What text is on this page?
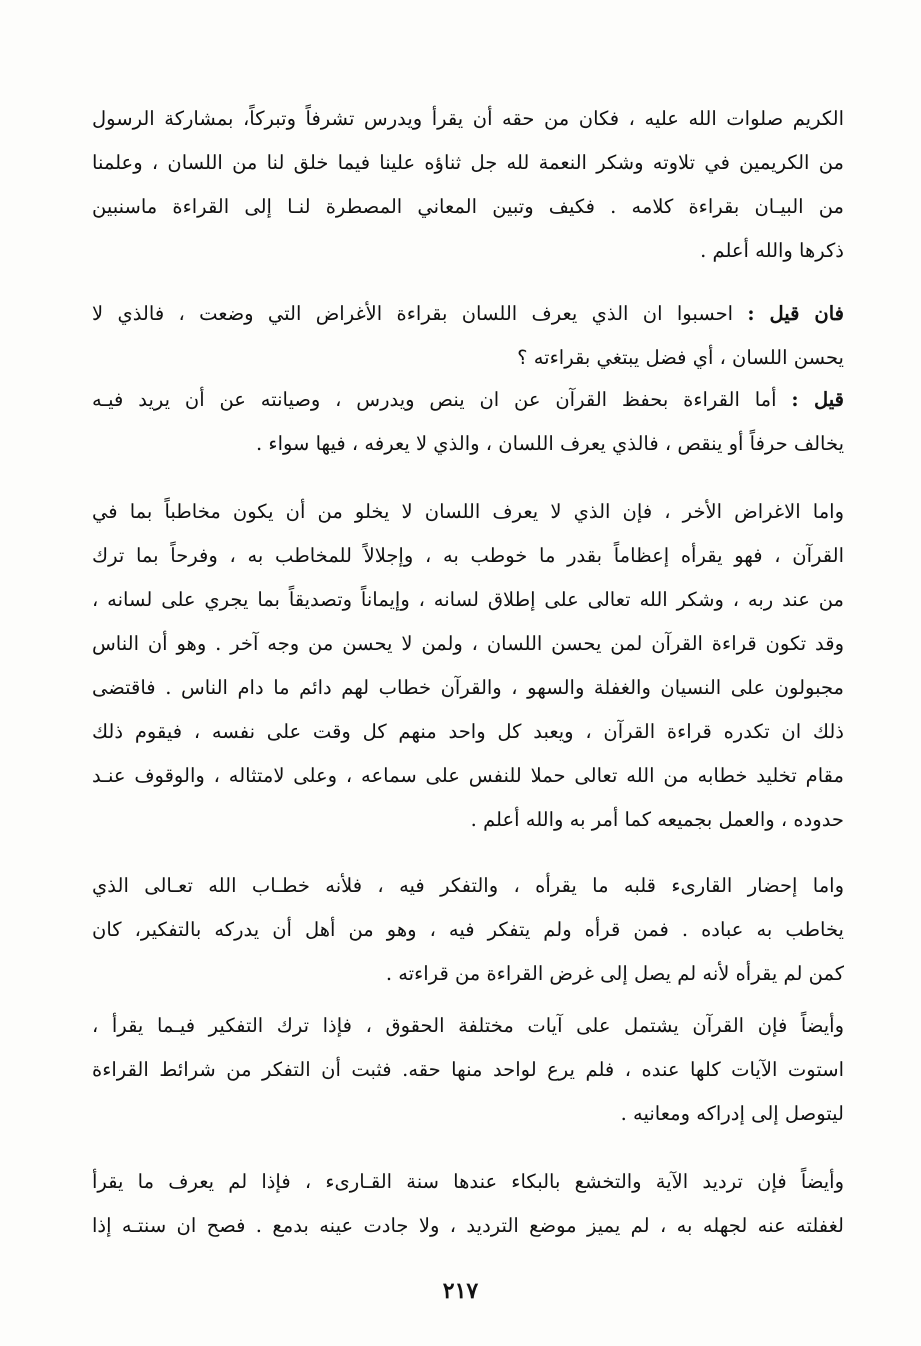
الكريم صلوات الله عليه ، فكان من حقه أن يقرأ ويدرس تشرفاً وتبركاً، بمشاركة الرسول
من الكريمين في تلاوته وشكر النعمة لله جل ثناؤه علينا فيما خلق لنا من اللسان ، وعلمنا
من البيـان بقراءة كلامه . فكيف وتبين المعاني المصطرة لنـا إلى القراءة ماسنبين
ذكرها والله أعلم .
فان قيل : احسبوا ان الذي يعرف اللسان بقراءة الأغراض التي وضعت ، فالذي لا
يحسن اللسان ، أي فضل يبتغي بقراءته ؟
قيل : أما القراءة بحفظ القرآن عن ان ينص ويدرس ، وصيانته عن أن يريد فيـه
يخالف حرفاً أو ينقص ، فالذي يعرف اللسان ، والذي لا يعرفه ، فيها سواء .
واما الاغراض الأخر ، فإن الذي لا يعرف اللسان لا يخلو من أن يكون مخاطباً بما في
القرآن ، فهو يقرأه إعظاماً بقدر ما خوطب به ، وإجلالاً للمخاطب به ، وفرحاً بما ترك
من عند ربه ، وشكر الله تعالى على إطلاق لسانه ، وإيماناً وتصديقاً بما يجري على لسانه ،
وقد تكون قراءة القرآن لمن يحسن اللسان ، ولمن لا يحسن من وجه آخر . وهو أن الناس
مجبولون على النسيان والغفلة والسهو ، والقرآن خطاب لهم دائم ما دام الناس . فاقتضى
ذلك ان تكدره قراءة القرآن ، ويعبد كل واحد منهم كل وقت على نفسه ، فيقوم ذلك
مقام تخليد خطابه من الله تعالى حملا للنفس على سماعه ، وعلى لامتثاله ، والوقوف عنـد
حدوده ، والعمل بجميعه كما أمر به والله أعلم .
واما إحضار القارىء قلبه ما يقرأه ، والتفكر فيه ، فلأنه خطـاب الله تعـالى الذي
يخاطب به عباده . فمن قرأه ولم يتفكر فيه ، وهو من أهل أن يدركه بالتفكير، كان
كمن لم يقرأه لأنه لم يصل إلى غرض القراءة من قراءته .
وأيضاً فإن القرآن يشتمل على آيات مختلفة الحقوق ، فإذا ترك التفكير فيـما يقرأ ،
استوت الآيات كلها عنده ، فلم يرع لواحد منها حقه. فثبت أن التفكر من شرائط القراءة
ليتوصل إلى إدراكه ومعانيه .
وأيضاً فإن ترديد الآية والتخشع بالبكاء عندها سنة القـارىء ، فإذا لم يعرف ما يقرأ
لغفلته عنه لجهله به ، لم يميز موضع الترديد ، ولا جادت عينه بدمع . فصح ان سنتـه إذا
٢١٧
